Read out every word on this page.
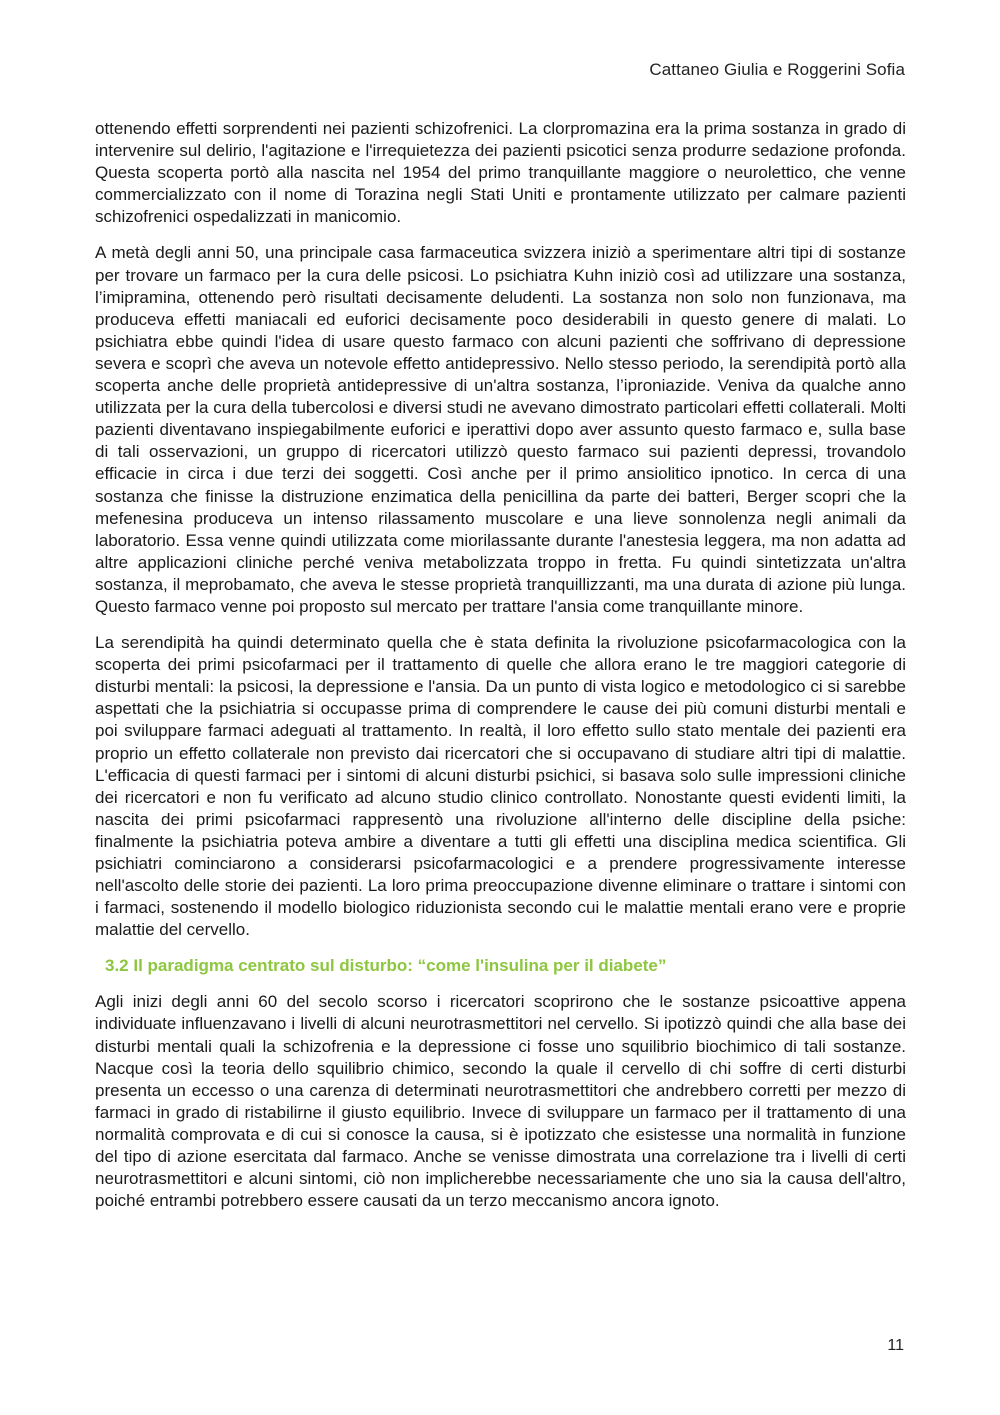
Cattaneo Giulia e Roggerini Sofia

ottenendo effetti sorprendenti nei pazienti schizofrenici. La clorpromazina era la prima sostanza in grado di intervenire sul delirio, l'agitazione e l'irrequietezza dei pazienti psicotici senza produrre sedazione profonda. Questa scoperta portò alla nascita nel 1954 del primo tranquillante maggiore o neurolettico, che venne commercializzato con il nome di Torazina negli Stati Uniti e prontamente utilizzato per calmare pazienti schizofrenici ospedalizzati in manicomio.

A metà degli anni 50, una principale casa farmaceutica svizzera iniziò a sperimentare altri tipi di sostanze per trovare un farmaco per la cura delle psicosi. Lo psichiatra Kuhn iniziò così ad utilizzare una sostanza, l’imipramina, ottenendo però risultati decisamente deludenti. La sostanza non solo non funzionava, ma produceva effetti maniacali ed euforici decisamente poco desiderabili in questo genere di malati. Lo psichiatra ebbe quindi l'idea di usare questo farmaco con alcuni pazienti che soffrivano di depressione severa e scoprì che aveva un notevole effetto antidepressivo. Nello stesso periodo, la serendipità portò alla scoperta anche delle proprietà antidepressive di un'altra sostanza, l’iproniazide. Veniva da qualche anno utilizzata per la cura della tubercolosi e diversi studi ne avevano dimostrato particolari effetti collaterali. Molti pazienti diventavano inspiegabilmente euforici e iperattivi dopo aver assunto questo farmaco e, sulla base di tali osservazioni, un gruppo di ricercatori utilizzò questo farmaco sui pazienti depressi, trovandolo efficacie in circa i due terzi dei soggetti. Così anche per il primo ansiolitico ipnotico. In cerca di una sostanza che finisse la distruzione enzimatica della penicillina da parte dei batteri, Berger scopri che la mefenesina produceva un intenso rilassamento muscolare e una lieve sonnolenza negli animali da laboratorio. Essa venne quindi utilizzata come miorilassante durante l'anestesia leggera, ma non adatta ad altre applicazioni cliniche perché veniva metabolizzata troppo in fretta. Fu quindi sintetizzata un'altra sostanza, il meprobamato, che aveva le stesse proprietà tranquillizzanti, ma una durata di azione più lunga. Questo farmaco venne poi proposto sul mercato per trattare l'ansia come tranquillante minore.

La serendipità ha quindi determinato quella che è stata definita la rivoluzione psicofarmacologica con la scoperta dei primi psicofarmaci per il trattamento di quelle che allora erano le tre maggiori categorie di disturbi mentali: la psicosi, la depressione e l'ansia. Da un punto di vista logico e metodologico ci si sarebbe aspettati che la psichiatria si occupasse prima di comprendere le cause dei più comuni disturbi mentali e poi sviluppare farmaci adeguati al trattamento. In realtà, il loro effetto sullo stato mentale dei pazienti era proprio un effetto collaterale non previsto dai ricercatori che si occupavano di studiare altri tipi di malattie. L'efficacia di questi farmaci per i sintomi di alcuni disturbi psichici, si basava solo sulle impressioni cliniche dei ricercatori e non fu verificato ad alcuno studio clinico controllato. Nonostante questi evidenti limiti, la nascita dei primi psicofarmaci rappresentò una rivoluzione all'interno delle discipline della psiche: finalmente la psichiatria poteva ambire a diventare a tutti gli effetti una disciplina medica scientifica. Gli psichiatri cominciarono a considerarsi psicofarmacologici e a prendere progressivamente interesse nell'ascolto delle storie dei pazienti. La loro prima preoccupazione divenne eliminare o trattare i sintomi con i farmaci, sostenendo il modello biologico riduzionista secondo cui le malattie mentali erano vere e proprie malattie del cervello.

3.2 Il paradigma centrato sul disturbo: “come l'insulina per il diabete”

Agli inizi degli anni 60 del secolo scorso i ricercatori scoprirono che le sostanze psicoattive appena individuate influenzavano i livelli di alcuni neurotrasmettitori nel cervello. Si ipotizzò quindi che alla base dei disturbi mentali quali la schizofrenia e la depressione ci fosse uno squilibrio biochimico di tali sostanze. Nacque così la teoria dello squilibrio chimico, secondo la quale il cervello di chi soffre di certi disturbi presenta un eccesso o una carenza di determinati neurotrasmettitori che andrebbero corretti per mezzo di farmaci in grado di ristabilirne il giusto equilibrio. Invece di sviluppare un farmaco per il trattamento di una normalità comprovata e di cui si conosce la causa, si è ipotizzato che esistesse una normalità in funzione del tipo di azione esercitata dal farmaco. Anche se venisse dimostrata una correlazione tra i livelli di certi neurotrasmettitori e alcuni sintomi, ciò non implicherebbe necessariamente che uno sia la causa dell'altro, poiché entrambi potrebbero essere causati da un terzo meccanismo ancora ignoto.

11
